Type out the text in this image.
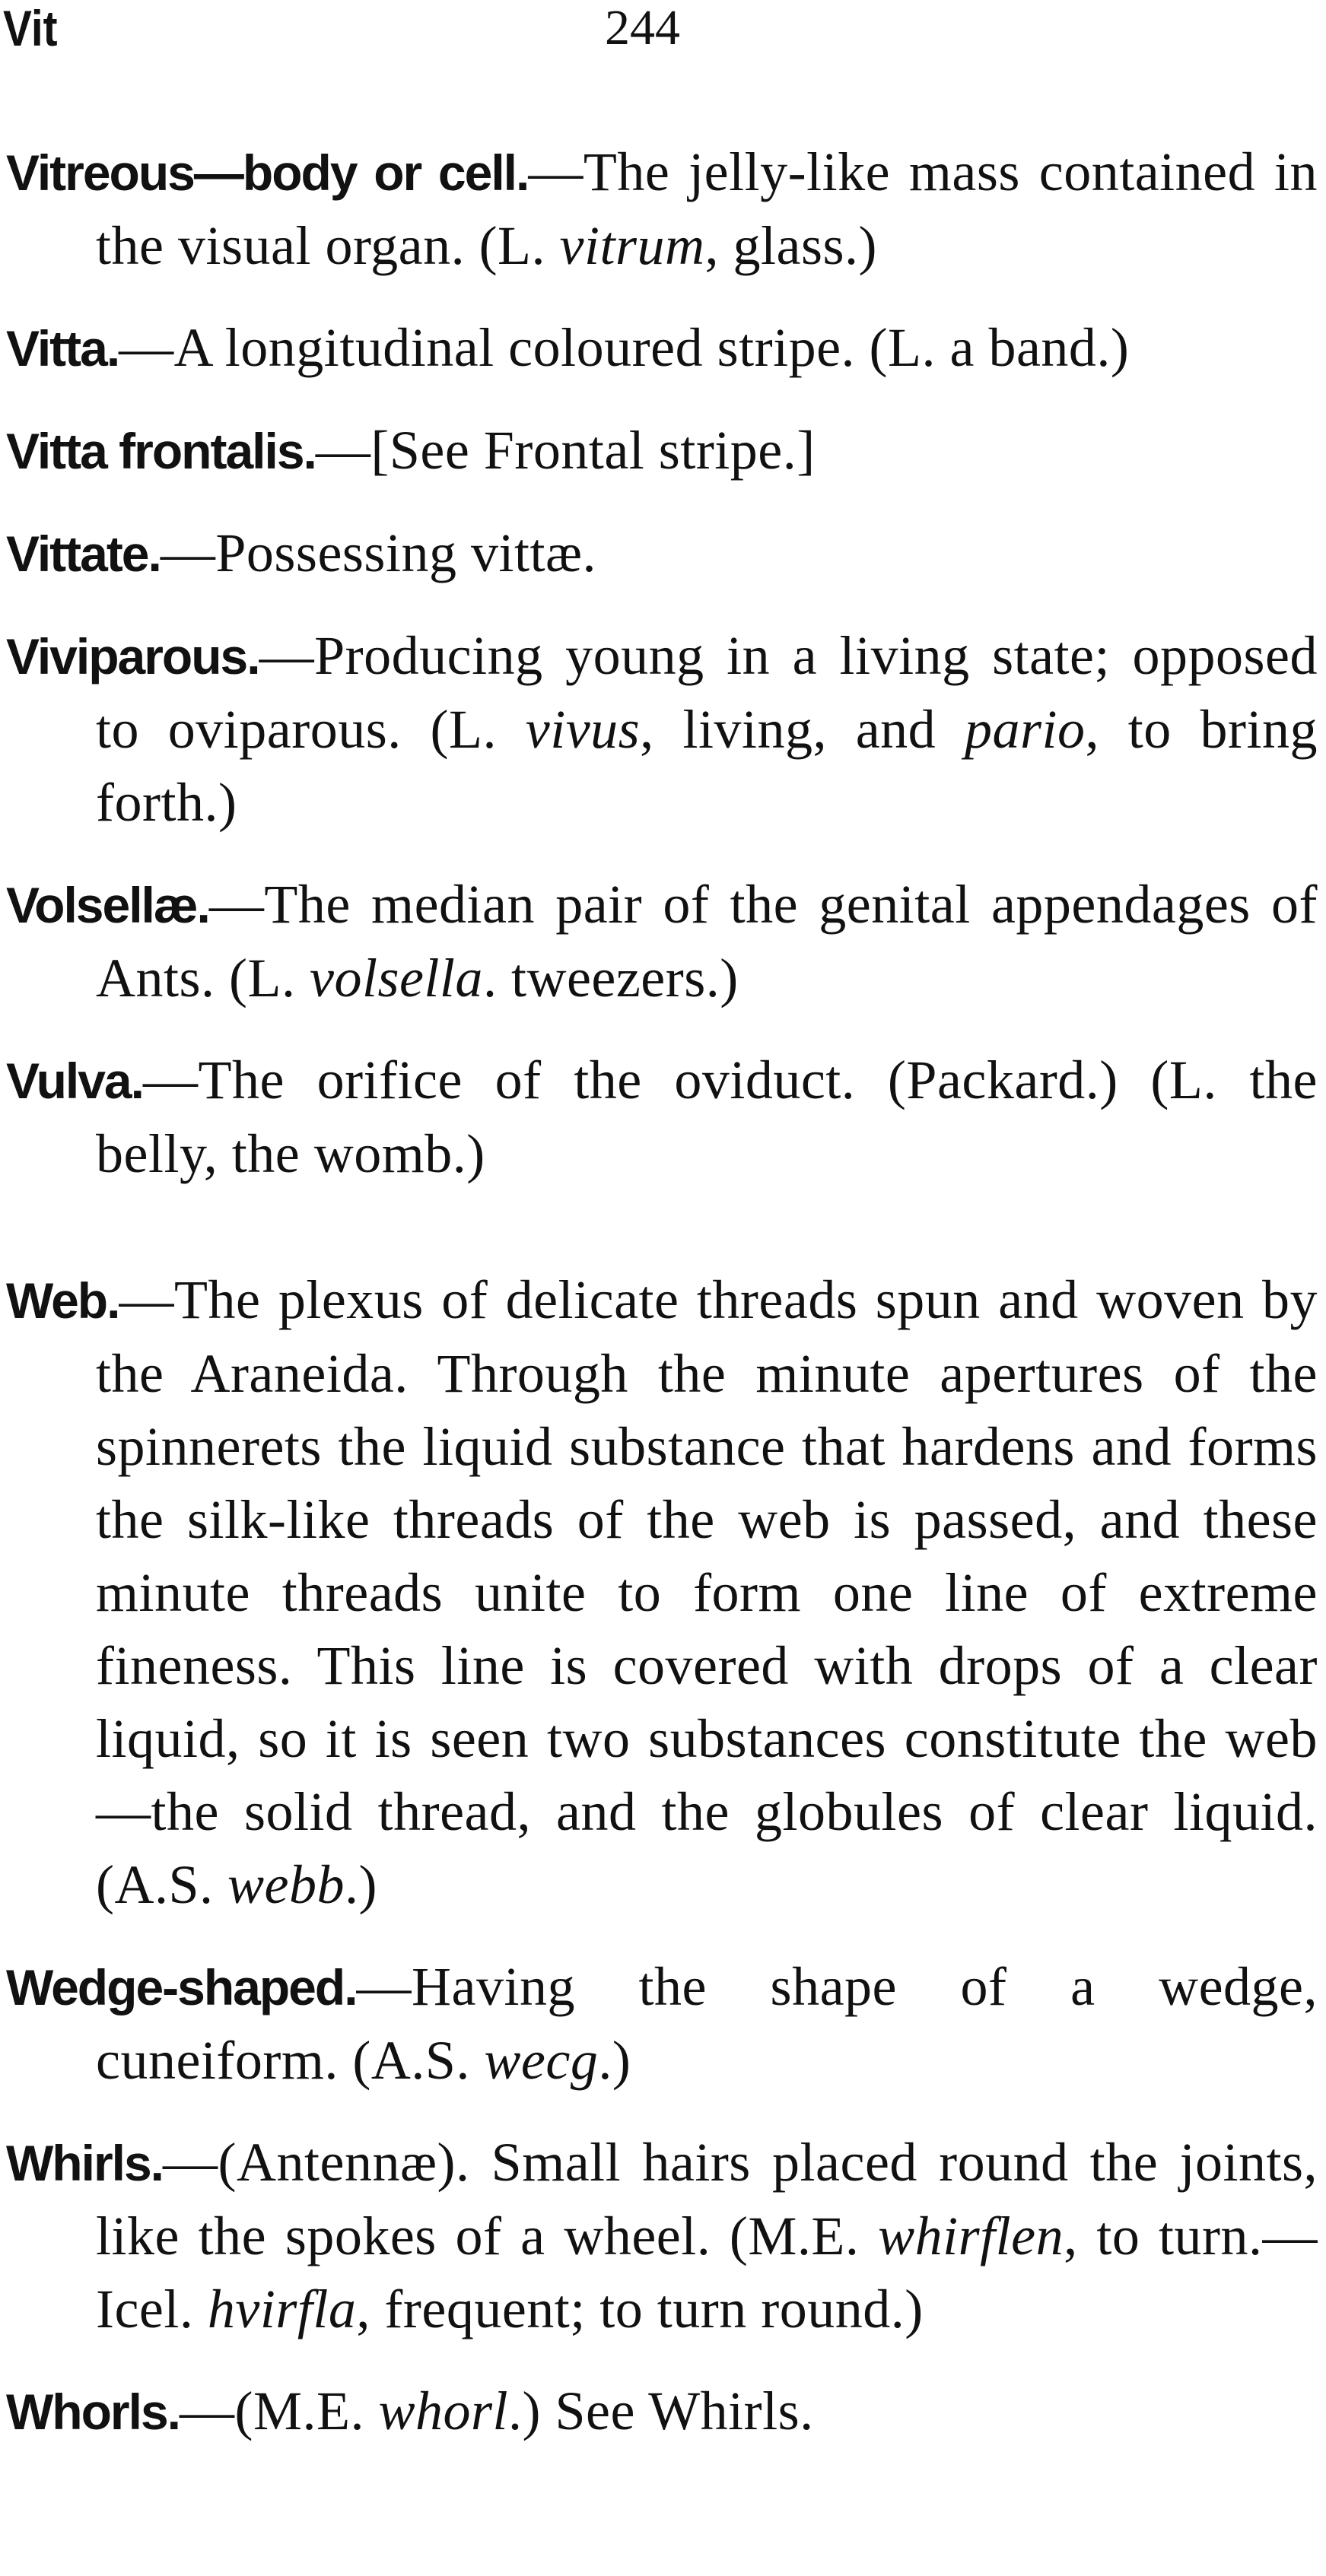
Vit	244

Vitreous—body or cell.—The jelly-like mass contained in the visual organ. (L. vitrum, glass.)

Vitta.—A longitudinal coloured stripe. (L. a band.)

Vitta frontalis.—[See Frontal stripe.]

Vittate.—Possessing vittæ.

Viviparous.—Producing young in a living state; opposed to oviparous. (L. vivus, living, and pario, to bring forth.)

Volsellæ.—The median pair of the genital appendages of Ants. (L. volsella. tweezers.)

Vulva.—The orifice of the oviduct. (Packard.) (L. the belly, the womb.)

Web.—The plexus of delicate threads spun and woven by the Araneida. Through the minute apertures of the spinnerets the liquid substance that hardens and forms the silk-like threads of the web is passed, and these minute threads unite to form one line of extreme fineness. This line is covered with drops of a clear liquid, so it is seen two substances constitute the web —the solid thread, and the globules of clear liquid. (A.S. webb.)

Wedge-shaped.—Having the shape of a wedge, cuneiform. (A.S. wecg.)

Whirls.—(Antennæ). Small hairs placed round the joints, like the spokes of a wheel. (M.E. whirflen, to turn.—Icel. hvirfla, frequent; to turn round.)

Whorls.—(M.E. whorl.) See Whirls.
